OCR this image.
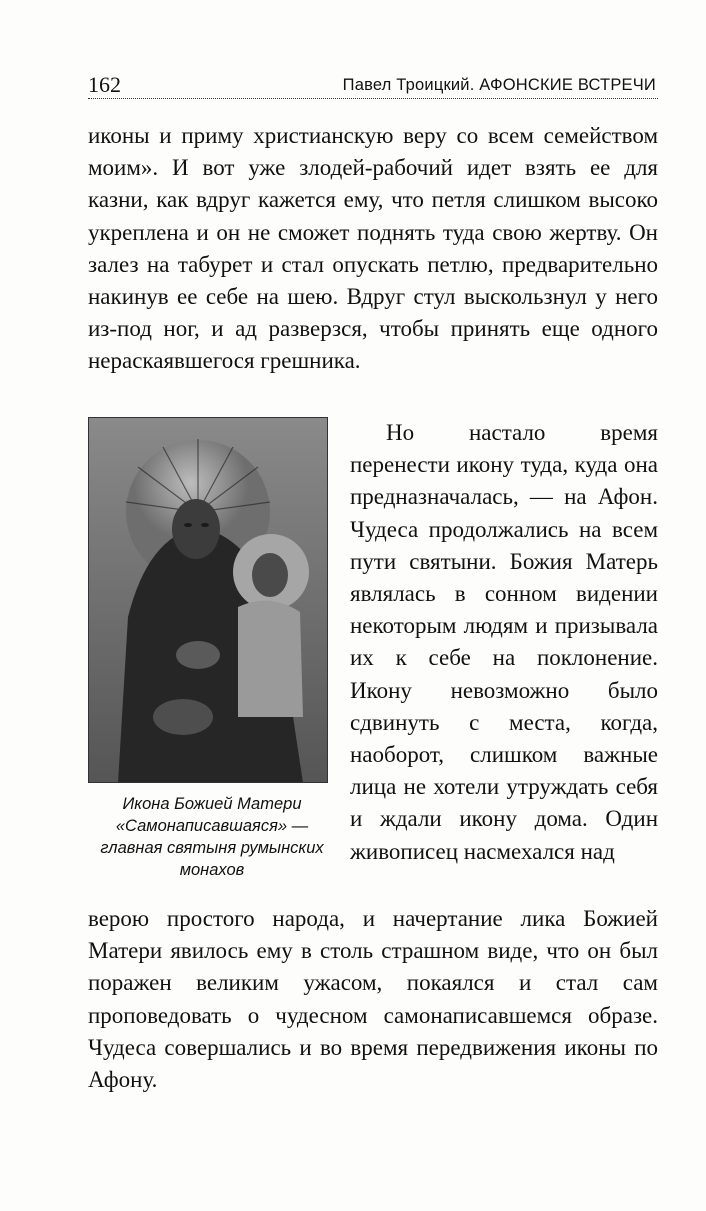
162	Павел Троицкий. АФОНСКИЕ ВСТРЕЧИ

иконы и приму христианскую веру со всем семейством моим». И вот уже злодей-рабочий идет взять ее для казни, как вдруг кажется ему, что петля слишком высоко укреплена и он не сможет поднять туда свою жертву. Он залез на табурет и стал опускать петлю, предварительно накинув ее себе на шею. Вдруг стул выскользнул у него из-под ног, и ад разверзся, чтобы принять еще одного нераскаявшегося грешника.

Икона Божией Матери «Самонаписавшаяся» — главная святыня румынских монахов

Но настало время перенести икону туда, куда она предназначалась, — на Афон. Чудеса продолжались на всем пути святыни. Божия Матерь являлась в сонном видении некоторым людям и призывала их к себе на поклонение. Икону невозможно было сдвинуть с места, когда, наоборот, слишком важные лица не хотели утруждать себя и ждали икону дома. Один живописец насмехался над

верою простого народа, и начертание лика Божией Матери явилось ему в столь страшном виде, что он был поражен великим ужасом, покаялся и стал сам проповедовать о чудесном самонаписавшемся образе. Чудеса совершались и во время передвижения иконы по Афону.
